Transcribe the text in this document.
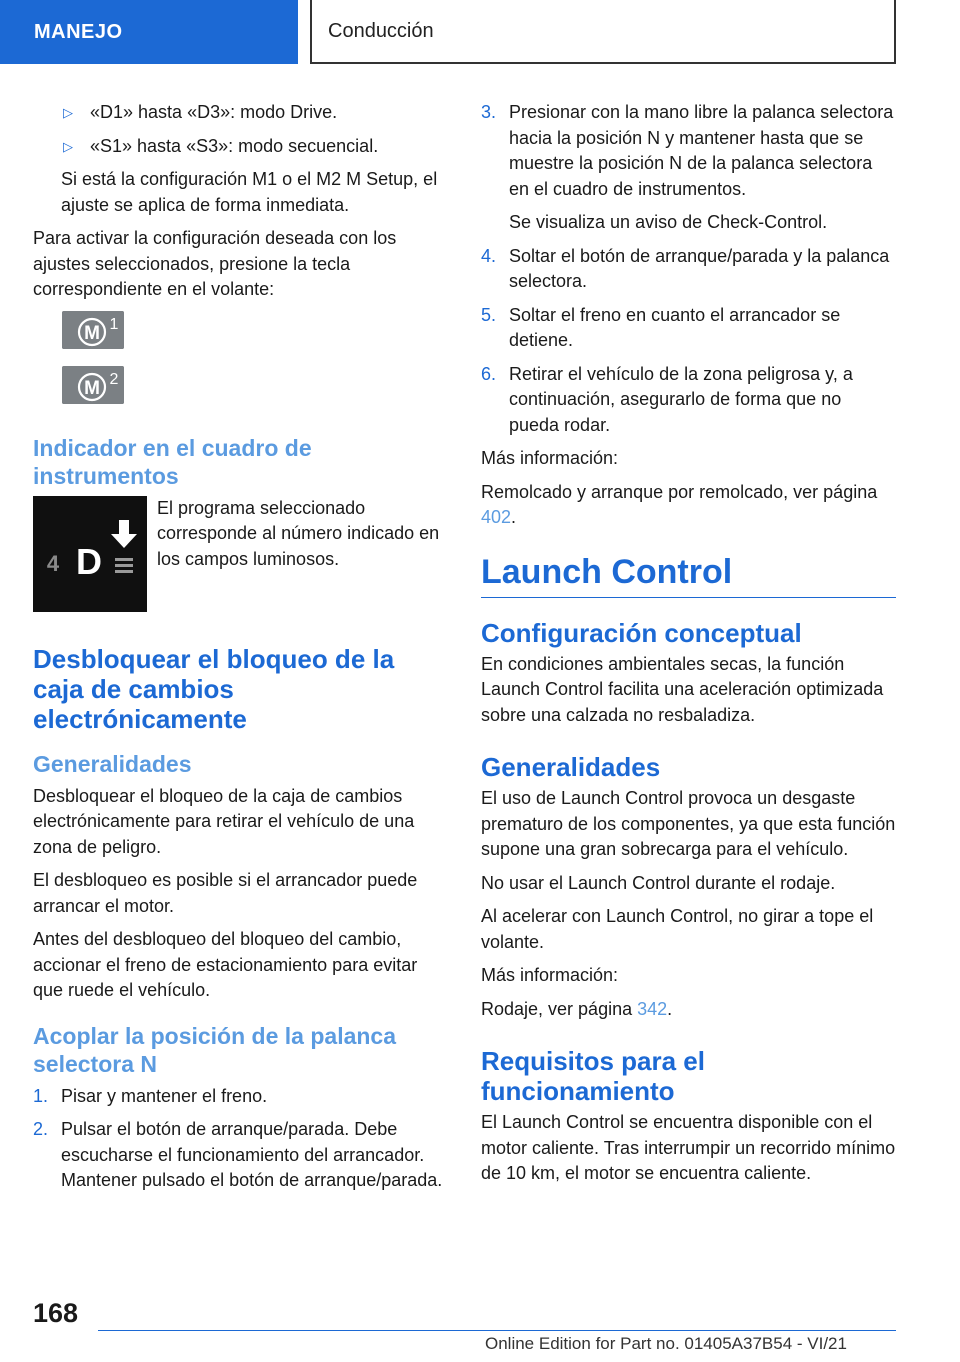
MANEJO	Conducción
▷ «D1» hasta «D3»: modo Drive.
▷ «S1» hasta «S3»: modo secuencial.

Si está la configuración M1 o el M2 M Setup, el ajuste se aplica de forma inmediata.

Para activar la configuración deseada con los ajustes seleccionados, presione la tecla correspondiente en el volante:

M 1
M 2
Indicador en el cuadro de instrumentos
4 D
El programa seleccionado corresponde al número indicado en los campos luminosos.
Desbloquear el bloqueo de la caja de cambios electrónicamente
Generalidades

Desbloquear el bloqueo de la caja de cambios electrónicamente para retirar el vehículo de una zona de peligro.

El desbloqueo es posible si el arrancador puede arrancar el motor.

Antes del desbloqueo del bloqueo del cambio, accionar el freno de estacionamiento para evitar que ruede el vehículo.

Acoplar la posición de la palanca selectora N
1. Pisar y mantener el freno.
2. Pulsar el botón de arranque/parada. Debe escucharse el funcionamiento del arrancador. Mantener pulsado el botón de arranque/parada.
3. Presionar con la mano libre la palanca selectora hacia la posición N y mantener hasta que se muestre la posición N de la palanca selectora en el cuadro de instrumentos.

Se visualiza un aviso de Check-Control.

4. Soltar el botón de arranque/parada y la palanca selectora.
5. Soltar el freno en cuanto el arrancador se detiene.
6. Retirar el vehículo de la zona peligrosa y, a continuación, asegurarlo de forma que no pueda rodar.

Más información:

Remolcado y arranque por remolcado, ver página 402.

Launch Control
Configuración conceptual

En condiciones ambientales secas, la función Launch Control facilita una aceleración optimizada sobre una calzada no resbaladiza.

Generalidades

El uso de Launch Control provoca un desgaste prematuro de los componentes, ya que esta función supone una gran sobrecarga para el vehículo.

No usar el Launch Control durante el rodaje.

Al acelerar con Launch Control, no girar a tope el volante.

Más información:

Rodaje, ver página 342.

Requisitos para el funcionamiento

El Launch Control se encuentra disponible con el motor caliente. Tras interrumpir un recorrido mínimo de 10 km, el motor se encuentra caliente.

168
Online Edition for Part no. 01405A37B54 - VI/21
